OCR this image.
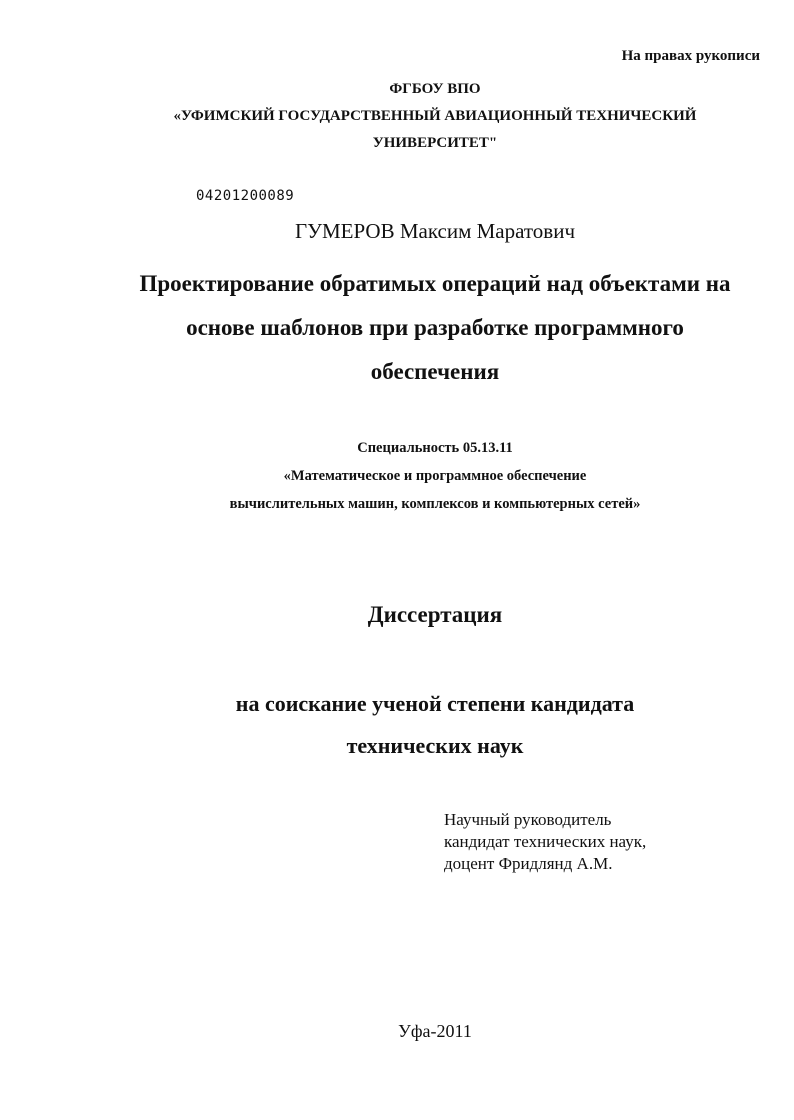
На правах рукописи
ФГБОУ ВПО
«УФИМСКИЙ ГОСУДАРСТВЕННЫЙ АВИАЦИОННЫЙ ТЕХНИЧЕСКИЙ
УНИВЕРСИТЕТ"
04201200089
ГУМЕРОВ Максим Маратович
Проектирование обратимых операций над объектами на
основе шаблонов при разработке программного
обеспечения
Специальность 05.13.11
«Математическое и программное обеспечение
вычислительных машин, комплексов и компьютерных сетей»
Диссертация
на соискание ученой степени кандидата
технических наук
Научный руководитель
кандидат технических наук,
доцент Фридлянд А.М.
Уфа-2011
